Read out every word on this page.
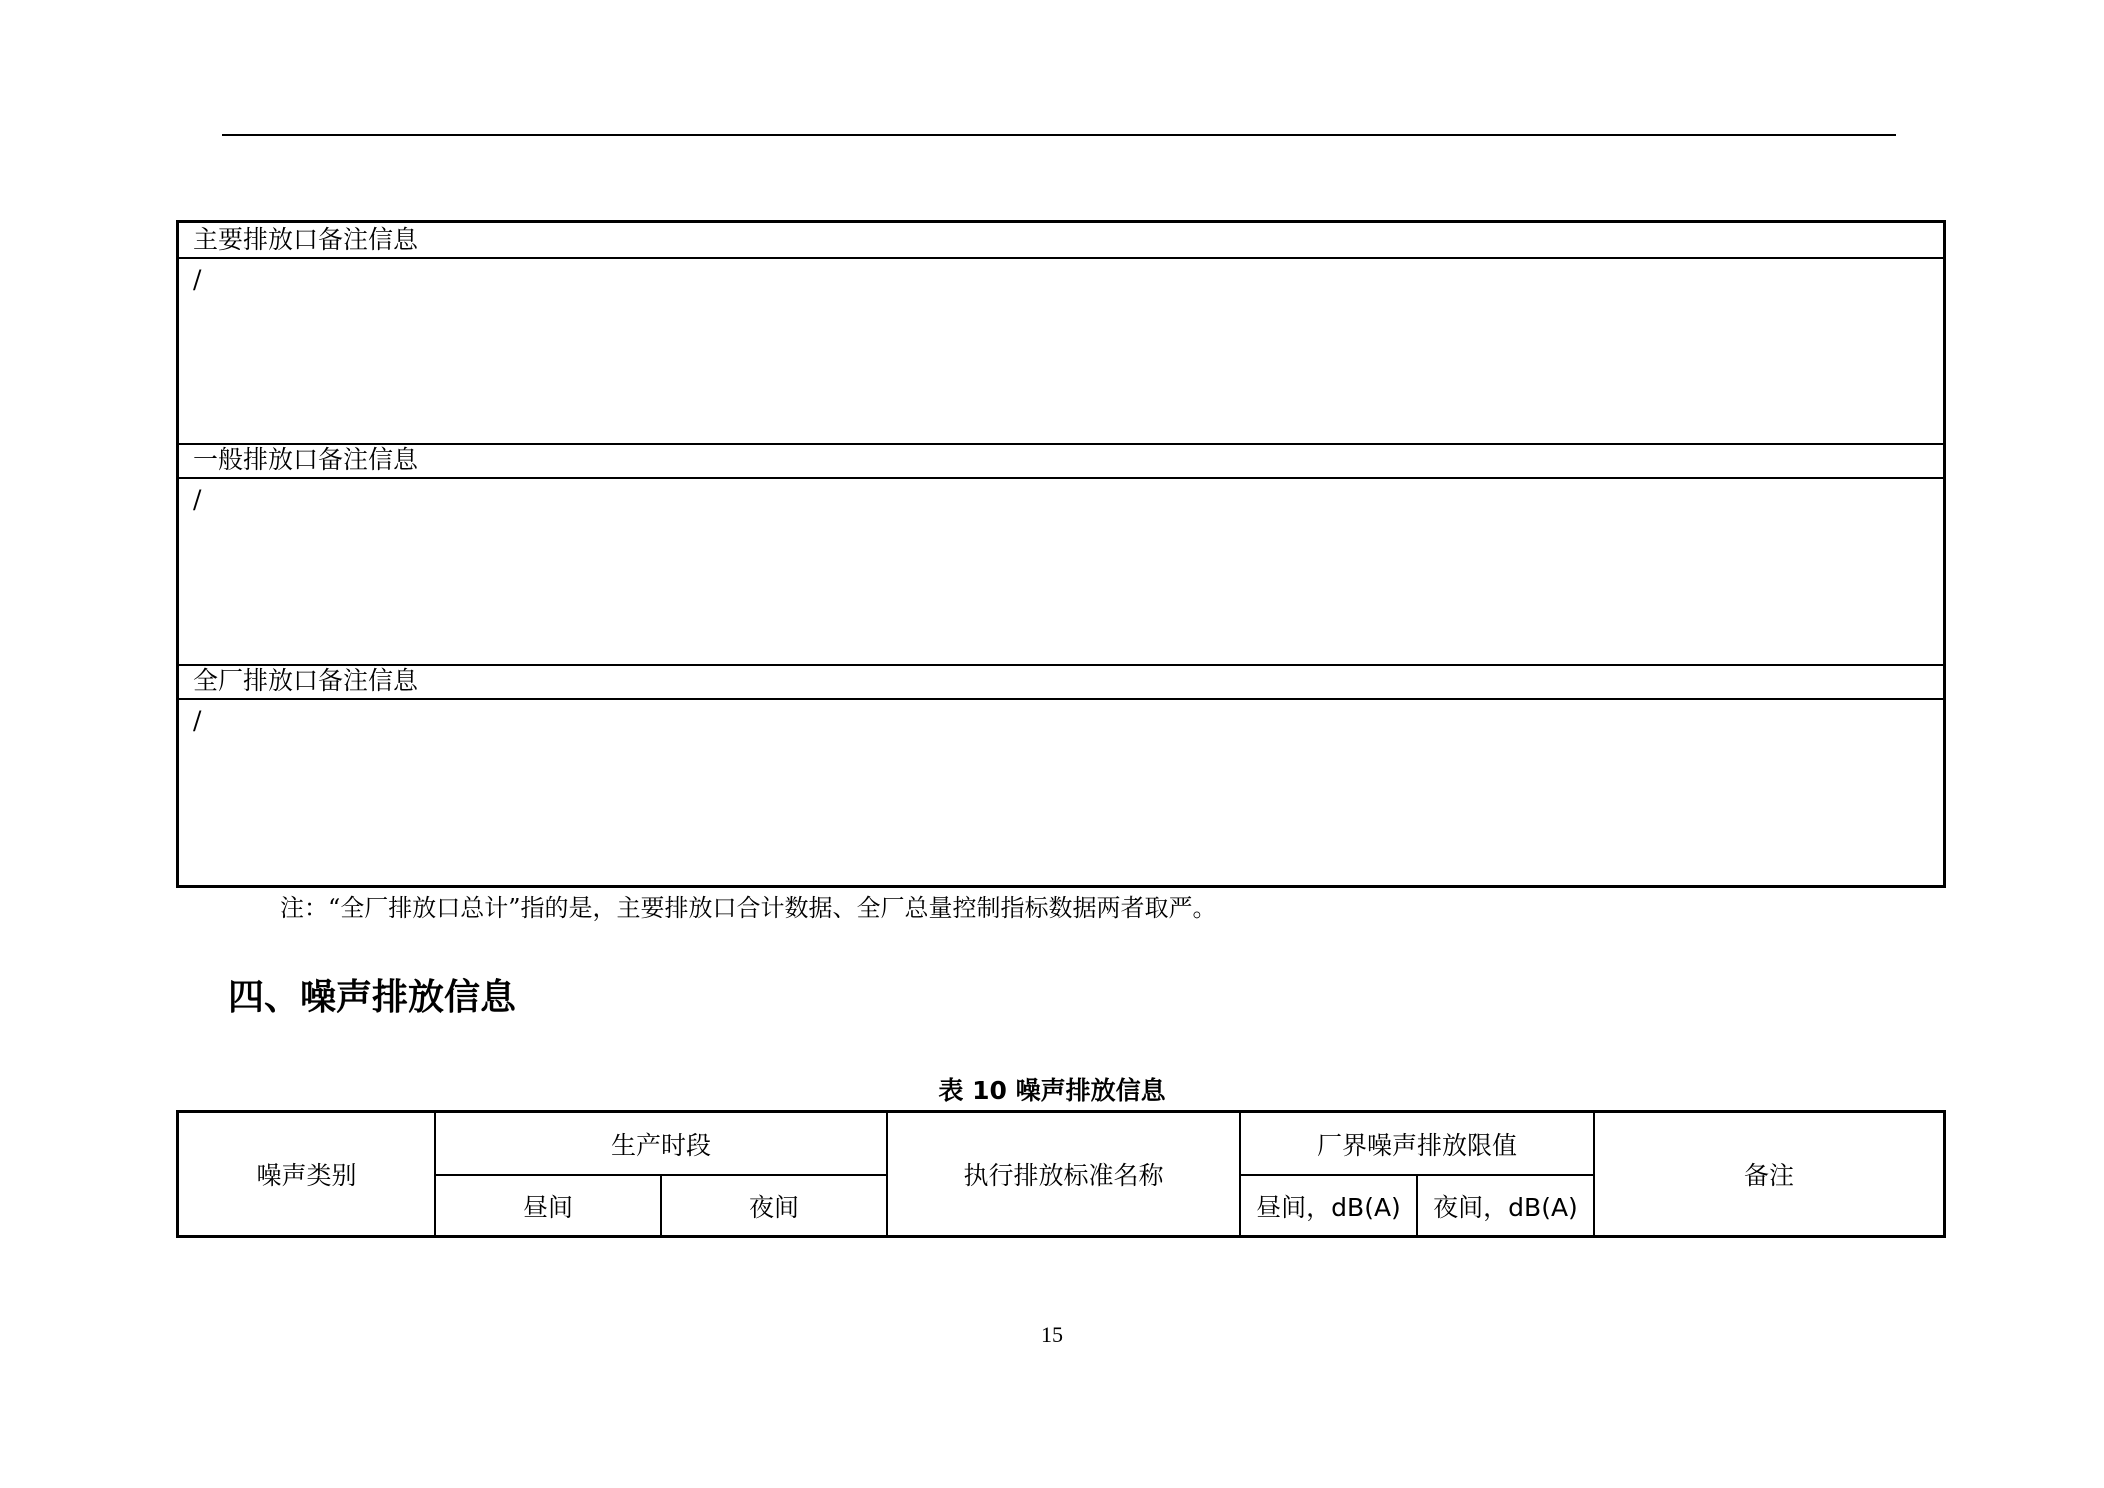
主要排放口备注信息
/
一般排放口备注信息
/
全厂排放口备注信息
/
注：“全厂排放口总计”指的是，主要排放口合计数据、全厂总量控制指标数据两者取严。
四、噪声排放信息
表 10 噪声排放信息
噪声类别
生产时段
昼间	夜间
执行排放标准名称
厂界噪声排放限值
昼间，dB(A)	夜间，dB(A)
备注
15
